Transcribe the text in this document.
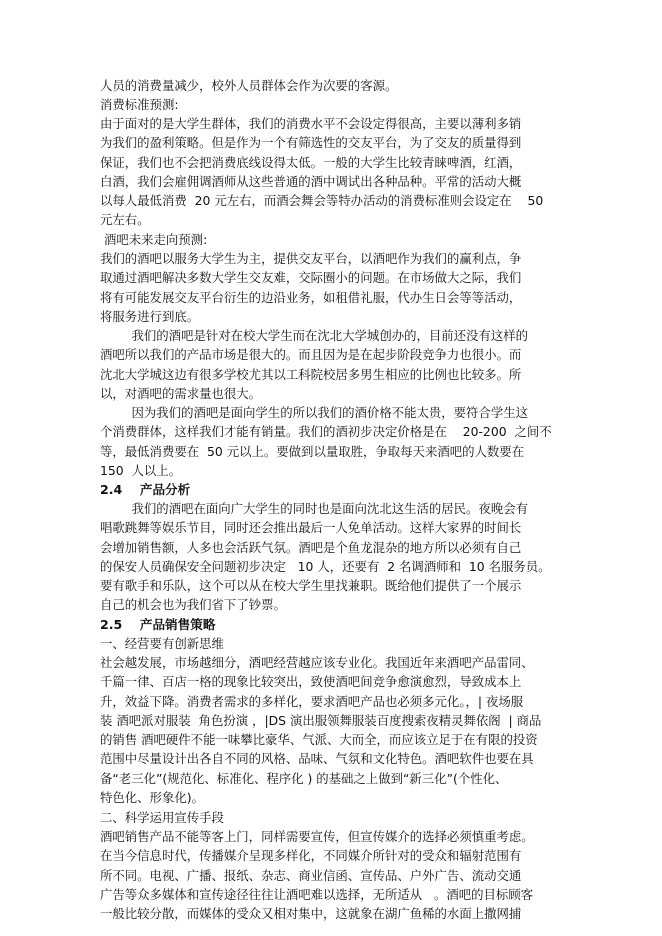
人员的消费量减少，校外人员群体会作为次要的客源。

消费标准预测:

由于面对的是大学生群体，我们的消费水平不会设定得很高，主要以薄利多销
为我们的盈利策略。但是作为一个有筛选性的交友平台，为了交友的质量得到
保证，我们也不会把消费底线设得太低。一般的大学生比较青睐啤酒，红酒，
白酒，我们会雇佣调酒师从这些普通的酒中调试出各种品种。平常的活动大概
以每人最低消费  20 元左右，而酒会舞会等特办活动的消费标准则会设定在    50
元左右。

酒吧未来走向预测:

我们的酒吧以服务大学生为主，提供交友平台，以酒吧作为我们的赢利点，争
取通过酒吧解决多数大学生交友难，交际圈小的问题。在市场做大之际，我们
将有可能发展交友平台衍生的边沿业务，如租借礼服，代办生日会等等活动，
将服务进行到底。

我们的酒吧是针对在校大学生而在沈北大学城创办的，目前还没有这样的
酒吧所以我们的产品市场是很大的。而且因为是在起步阶段竞争力也很小。而
沈北大学城这边有很多学校尤其以工科院校居多男生相应的比例也比较多。所
以，对酒吧的需求量也很大。

因为我们的酒吧是面向学生的所以我们的酒价格不能太贵，要符合学生这
个消费群体，这样我们才能有销量。我们的酒初步决定价格是在    20-200  之间不
等，最低消费要在  50 元以上。要做到以量取胜，争取每天来酒吧的人数要在
150  人以上。

2.4    产品分析

我们的酒吧在面向广大学生的同时也是面向沈北这生活的居民。夜晚会有
唱歌跳舞等娱乐节目，同时还会推出最后一人免单活动。这样大家界的时间长
会增加销售额，人多也会活跃气氛。酒吧是个鱼龙混杂的地方所以必须有自己
的保安人员确保安全问题初步决定   10 人，还要有  2 名调酒师和  10 名服务员。
要有歌手和乐队，这个可以从在校大学生里找兼职。既给他们提供了一个展示
自己的机会也为我们省下了钞票。

2.5    产品销售策略

一、经营要有创新思维

社会越发展，市场越细分，酒吧经营越应该专业化。我国近年来酒吧产品雷同、
千篇一律、百店一格的现象比较突出，致使酒吧间竞争愈演愈烈，导致成本上
升，效益下降。消费者需求的多样化，要求酒吧产品也必须多元化。，| 夜场服
装 酒吧派对服装  角色扮演 ，|DS 演出服领舞服装百度搜索夜精灵舞依阁  | 商品
的销售 酒吧硬件不能一味攀比豪华、气派、大而全，而应该立足于在有限的投资
范围中尽量设计出各自不同的风格、品味、气氛和文化特色。酒吧软件也要在具
备“老三化”(规范化、标准化、程序化 ) 的基础之上做到“新三化”(个性化、
特色化、形象化)。

二、科学运用宣传手段

酒吧销售产品不能等客上门，同样需要宣传，但宣传媒介的选择必须慎重考虑。
在当今信息时代，传播媒介呈现多样化，不同媒介所针对的受众和辐射范围有
所不同。电视、广播、报纸、杂志、商业信函、宣传品、户外广告、流动交通
广告等众多媒体和宣传途径往往让酒吧难以选择，无所适从   。酒吧的目标顾客
一般比较分散，而媒体的受众又相对集中，这就象在湖广鱼稀的水面上撒网捕
